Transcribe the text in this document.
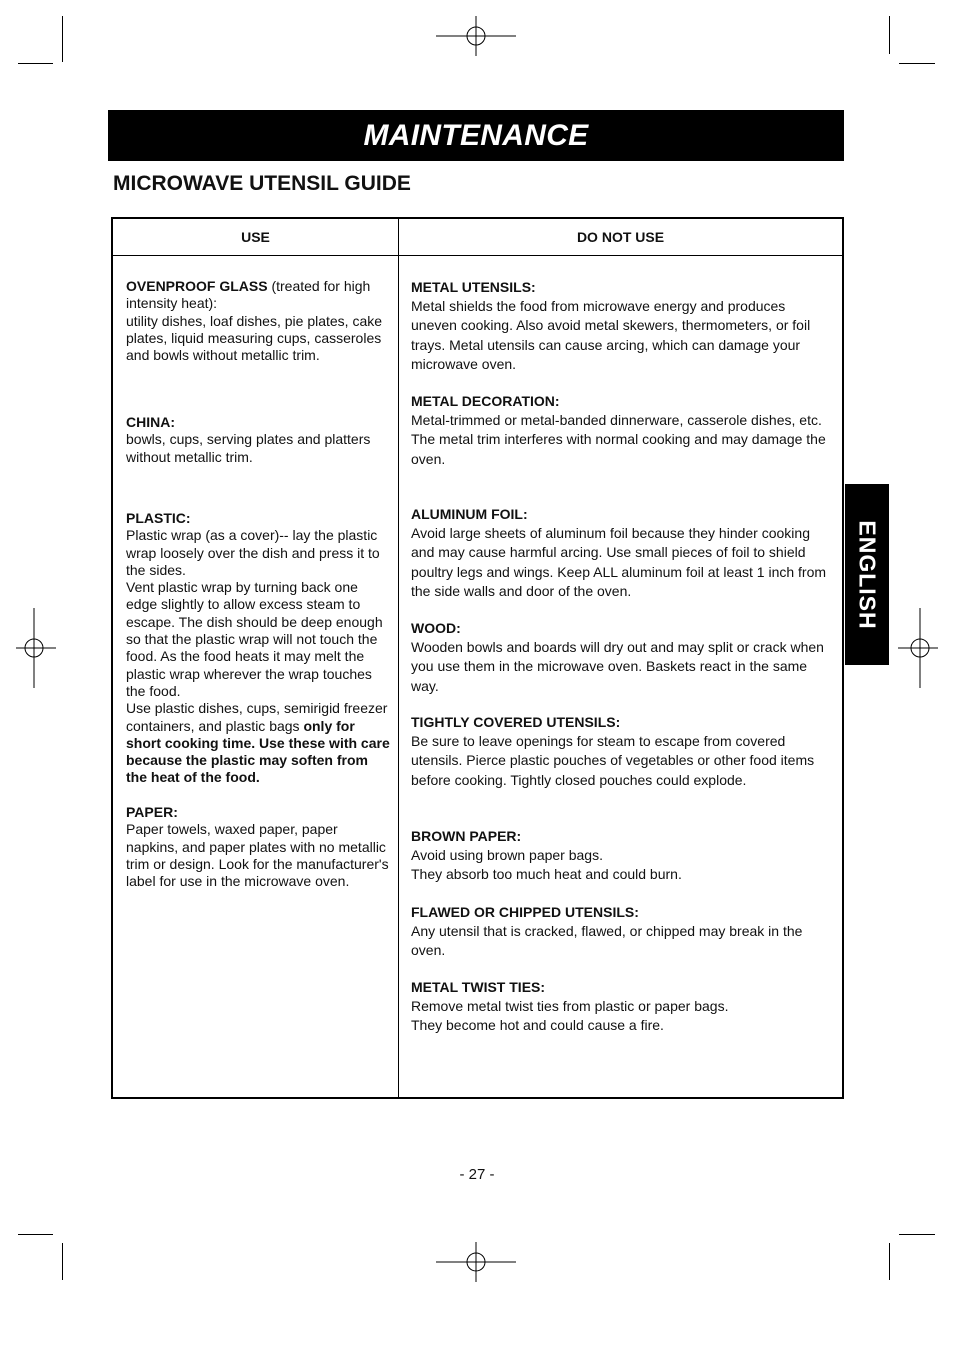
MAINTENANCE
MICROWAVE UTENSIL GUIDE
USE	DO NOT USE

OVENPROOF GLASS (treated for high intensity heat):

utility dishes, loaf dishes, pie plates, cake plates, liquid measuring cups, casseroles and bowls without metallic trim.

CHINA:

bowls, cups, serving plates and platters without metallic trim.

PLASTIC:

Plastic wrap (as a cover)-- lay the plastic wrap loosely over the dish and press it to the sides.

Vent plastic wrap by turning back one edge slightly to allow excess steam to escape. The dish should be deep enough so that the plastic wrap will not touch the food. As the food heats it may melt the plastic wrap wherever the wrap touches the food.

Use plastic dishes, cups, semirigid freezer containers, and plastic bags only for short cooking time. Use these with care because the plastic may soften from the heat of the food.

PAPER:

Paper towels, waxed paper, paper napkins, and paper plates with no metallic trim or design. Look for the manufacturer's label for use in the microwave oven.

METAL UTENSILS:

Metal shields the food from microwave energy and produces uneven cooking. Also avoid metal skewers, thermometers, or foil trays. Metal utensils can cause arcing, which can damage your microwave oven.

METAL DECORATION:

Metal-trimmed or metal-banded dinnerware, casserole dishes, etc. The metal trim interferes with normal cooking and may damage the oven.

ALUMINUM FOIL:

Avoid large sheets of aluminum foil because they hinder cooking and may cause harmful arcing. Use small pieces of foil to shield poultry legs and wings. Keep ALL aluminum foil at least 1 inch from the side walls and door of the oven.

WOOD:

Wooden bowls and boards will dry out and may split or crack when you use them in the microwave oven. Baskets react in the same way.

TIGHTLY COVERED UTENSILS:

Be sure to leave openings for steam to escape from covered utensils. Pierce plastic pouches of vegetables or other food items before cooking. Tightly closed pouches could explode.

BROWN PAPER:

Avoid using brown paper bags.

They absorb too much heat and could burn.

FLAWED OR CHIPPED UTENSILS:

Any utensil that is cracked, flawed, or chipped may break in the oven.

METAL TWIST TIES:

Remove metal twist ties from plastic or paper bags.

They become hot and could cause a fire.

ENGLISH
- 27 -
